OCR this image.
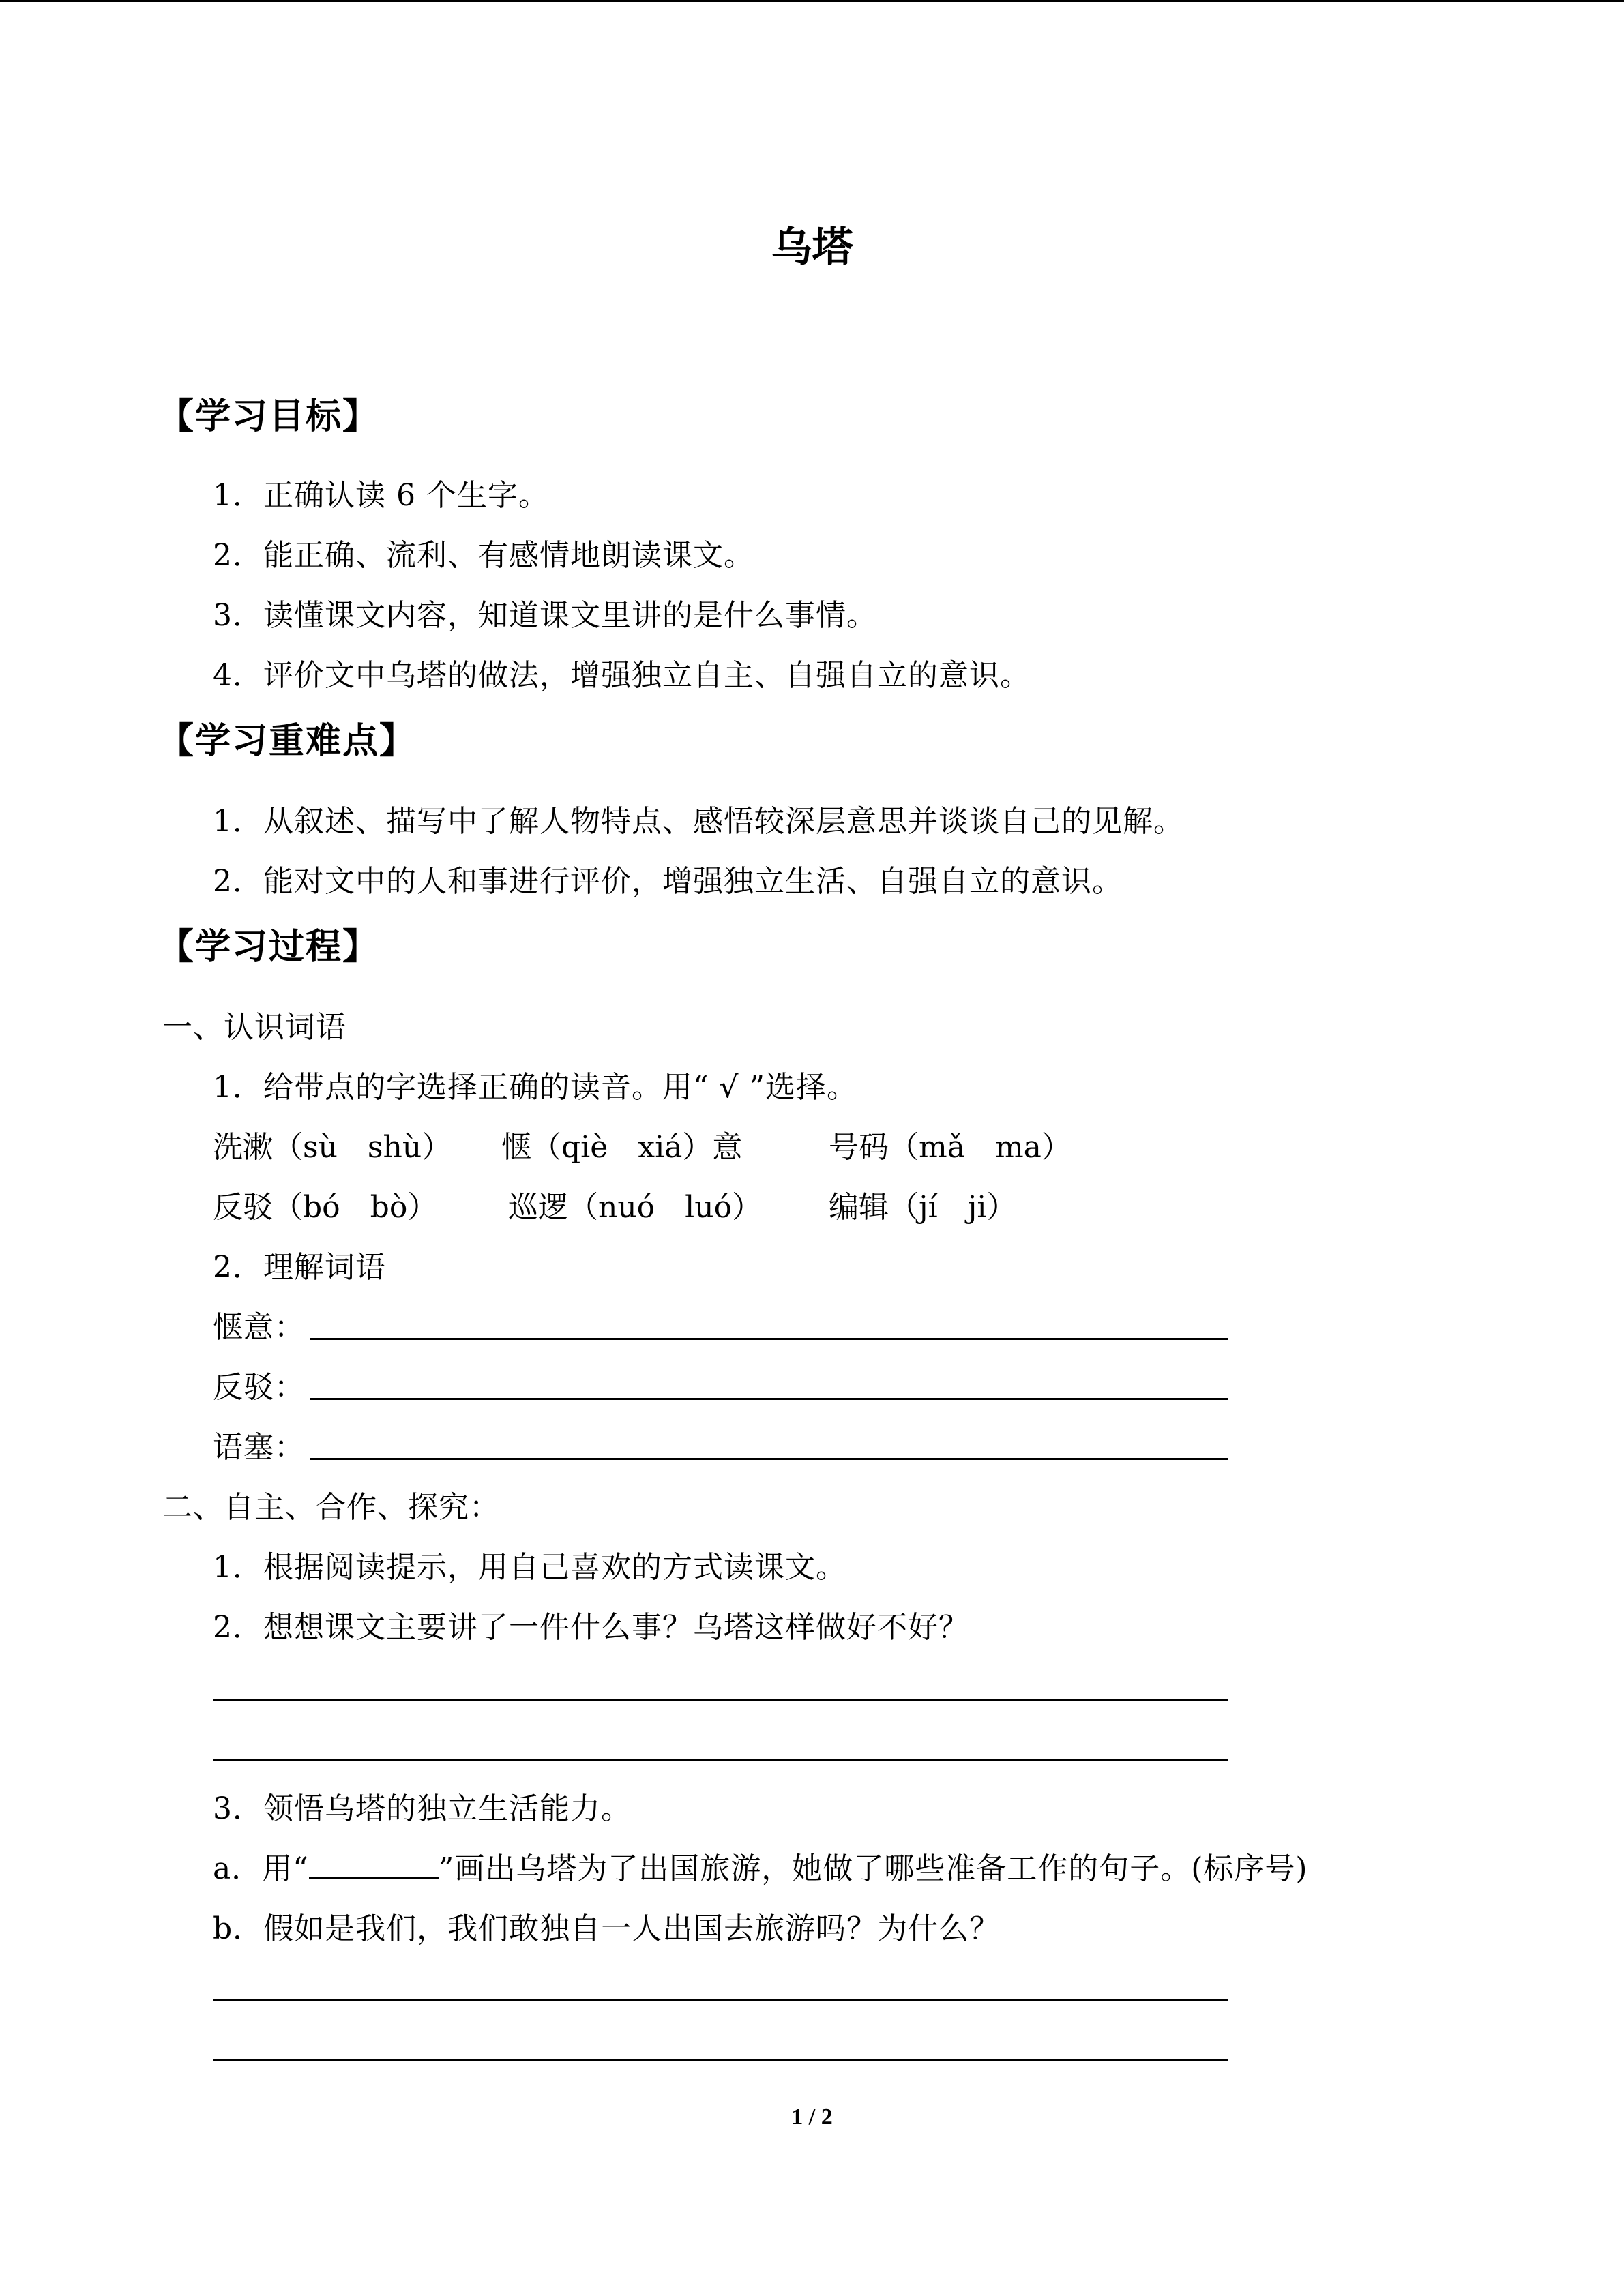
乌塔
【学习目标】
1．正确认读 6 个生字。
2．能正确、流利、有感情地朗读课文。
3．读懂课文内容，知道课文里讲的是什么事情。
4．评价文中乌塔的做法，增强独立自主、自强自立的意识。
【学习重难点】
1．从叙述、描写中了解人物特点、感悟较深层意思并谈谈自己的见解。
2．能对文中的人和事进行评价，增强独立生活、自强自立的意识。
【学习过程】
一、认识词语
1．给带点的字选择正确的读音。用“ √ ”选择。
洗漱（sù　shù） 惬（qiè　xiá）意	号码（mǎ　ma）
反驳（bó　bò） 巡逻（nuó　luó） 编辑（jí　ji）
2．理解词语
惬意：
反驳：
语塞：
二、自主、合作、探究：
1．根据阅读提示，用自己喜欢的方式读课文。
2．想想课文主要讲了一件什么事？乌塔这样做好不好？
3．领悟乌塔的独立生活能力。
a．用“	”画出乌塔为了出国旅游，她做了哪些准备工作的句子。(标序号)
b．假如是我们，我们敢独自一人出国去旅游吗？为什么？
1 / 2
